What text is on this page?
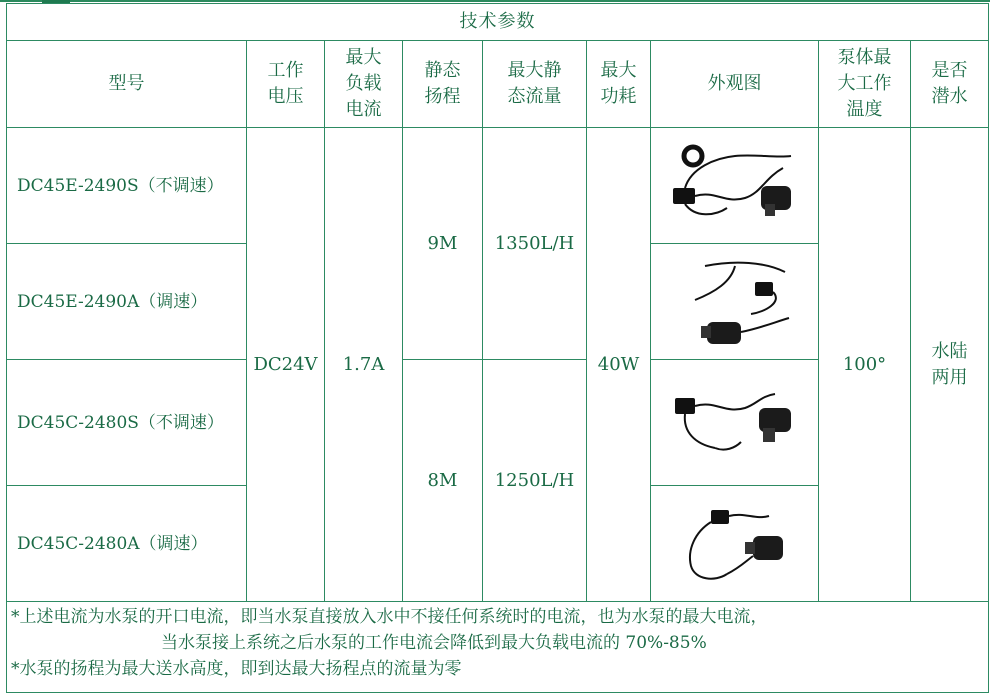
技术参数								
型号	工作电压	最大负载电流	静态扬程	最大静态流量	最大功耗	外观图	泵体最大工作温度	是否潜水

DC45E-2490S（不调速）	DC24V	1.7A	9M	1350L/H	40W		100°	水陆两用

DC45E-2490A（调速）	

DC45C-2480S（不调速）			8M	1250L/H	

DC45C-2480A（调速）	

*上述电流为水泵的开口电流，即当水泵直接放入水中不接任何系统时的电流，也为水泵的最大电流，
当水泵接上系统之后水泵的工作电流会降低到最大负载电流的 70%-85%
*水泵的扬程为最大送水高度，即到达最大扬程点的流量为零								
